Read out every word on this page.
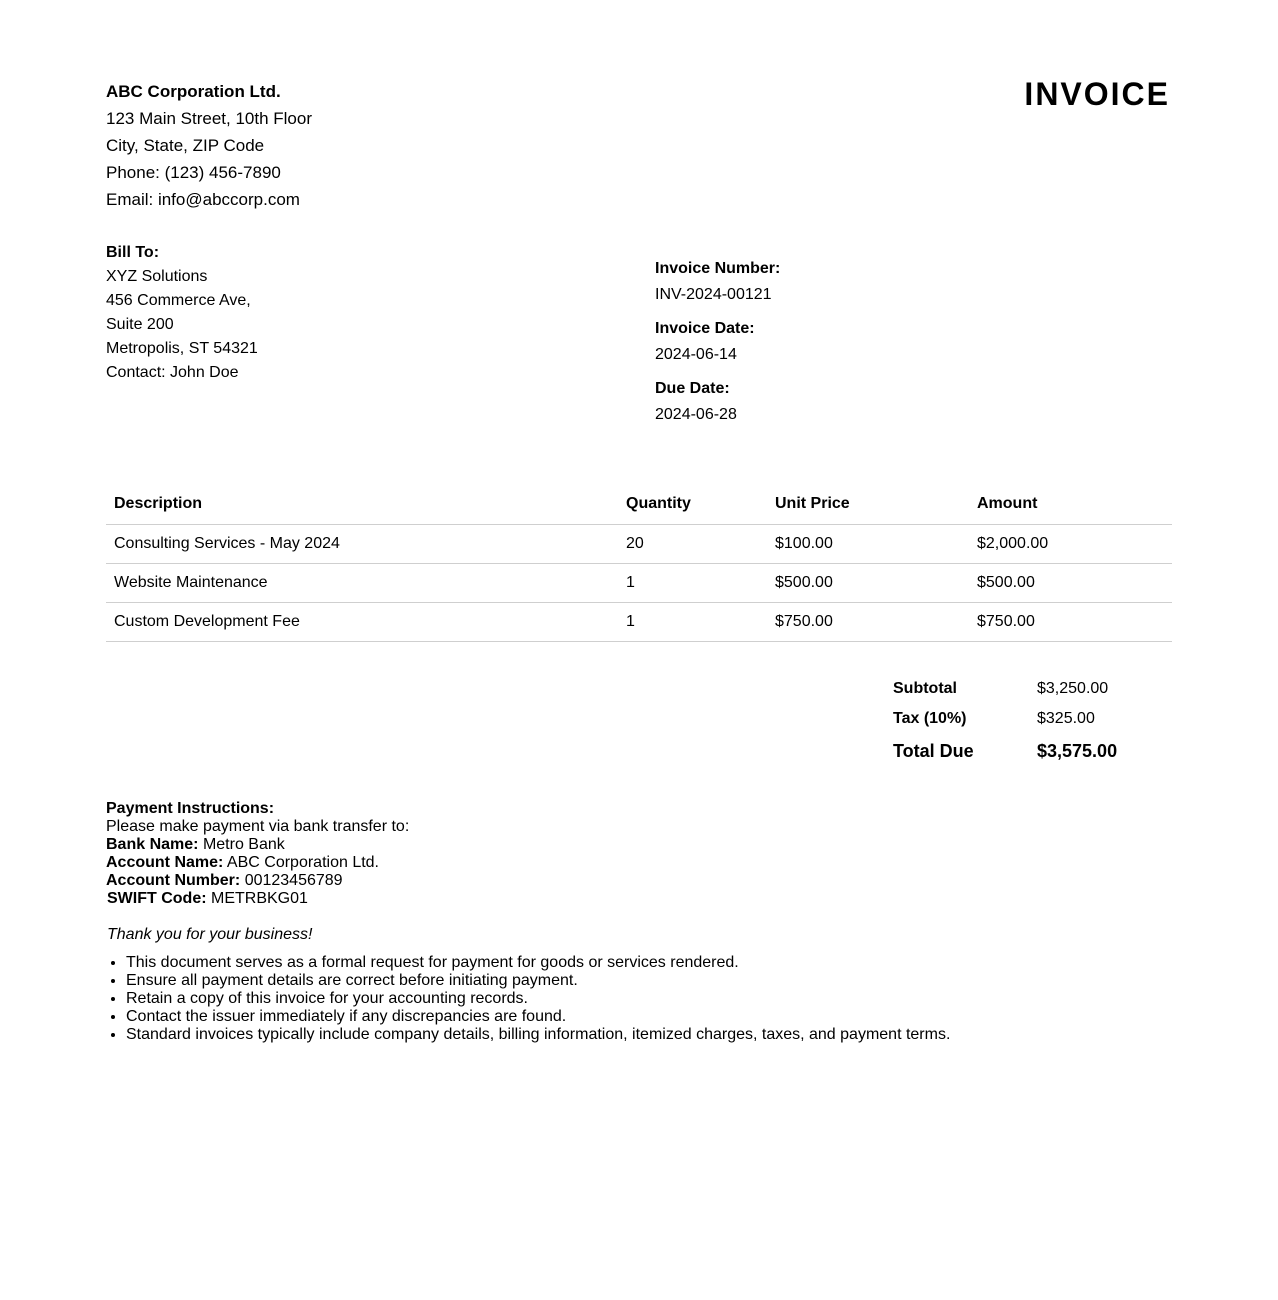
ABC Corporation Ltd.
123 Main Street, 10th Floor
City, State, ZIP Code
Phone: (123) 456-7890
Email: info@abccorp.com
INVOICE
Bill To:
XYZ Solutions
456 Commerce Ave,
Suite 200
Metropolis, ST 54321
Contact: John Doe
Invoice Number:
INV-2024-00121
Invoice Date:
2024-06-14
Due Date:
2024-06-28
Description	Quantity	Unit Price	Amount
Consulting Services - May 2024	20	$100.00	$2,000.00
Website Maintenance	1	$500.00	$500.00
Custom Development Fee	1	$750.00	$750.00
Subtotal	$3,250.00
Tax (10%)	$325.00
Total Due	$3,575.00
Payment Instructions:
Please make payment via bank transfer to:
Bank Name: Metro Bank
Account Name: ABC Corporation Ltd.
Account Number: 00123456789
SWIFT Code: METRBKG01
Thank you for your business!
• This document serves as a formal request for payment for goods or services rendered.
• Ensure all payment details are correct before initiating payment.
• Retain a copy of this invoice for your accounting records.
• Contact the issuer immediately if any discrepancies are found.
• Standard invoices typically include company details, billing information, itemized charges, taxes, and payment terms.
